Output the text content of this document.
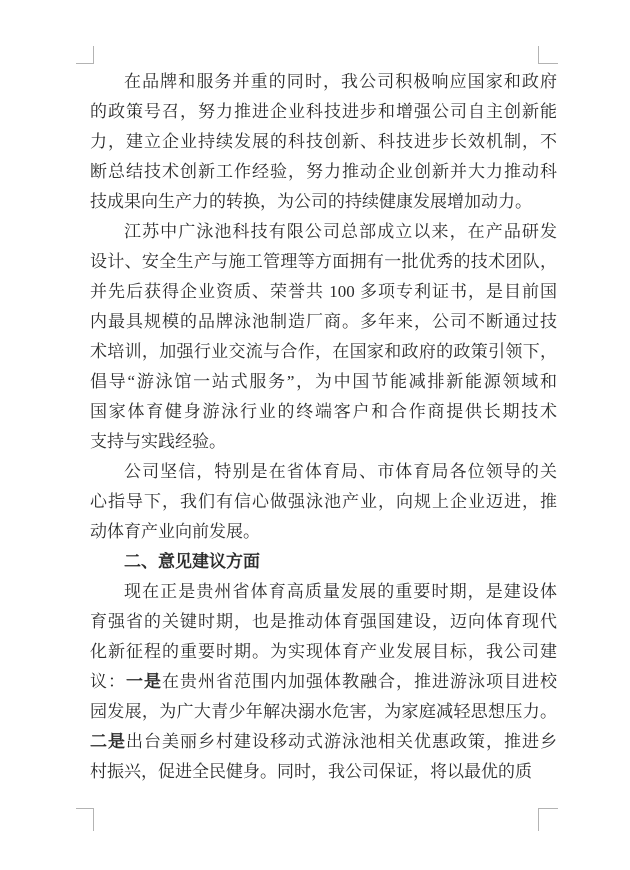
在品牌和服务并重的同时，我公司积极响应国家和政府
的政策号召，努力推进企业科技进步和增强公司自主创新能
力，建立企业持续发展的科技创新、科技进步长效机制，不
断总结技术创新工作经验，努力推动企业创新并大力推动科
技成果向生产力的转换，为公司的持续健康发展增加动力。
江苏中广泳池科技有限公司总部成立以来，在产品研发
设计、安全生产与施工管理等方面拥有一批优秀的技术团队，
并先后获得企业资质、荣誉共 100 多项专利证书，是目前国
内最具规模的品牌泳池制造厂商。多年来，公司不断通过技
术培训，加强行业交流与合作，在国家和政府的政策引领下，
倡导“游泳馆一站式服务”，为中国节能减排新能源领域和
国家体育健身游泳行业的终端客户和合作商提供长期技术
支持与实践经验。
公司坚信，特别是在省体育局、市体育局各位领导的关
心指导下，我们有信心做强泳池产业，向规上企业迈进，推
动体育产业向前发展。
二、意见建议方面
现在正是贵州省体育高质量发展的重要时期，是建设体
育强省的关键时期，也是推动体育强国建设，迈向体育现代
化新征程的重要时期。为实现体育产业发展目标，我公司建
议：一是在贵州省范围内加强体教融合，推进游泳项目进校
园发展，为广大青少年解决溺水危害，为家庭减轻思想压力。
二是出台美丽乡村建设移动式游泳池相关优惠政策，推进乡
村振兴，促进全民健身。同时，我公司保证，将以最优的质
